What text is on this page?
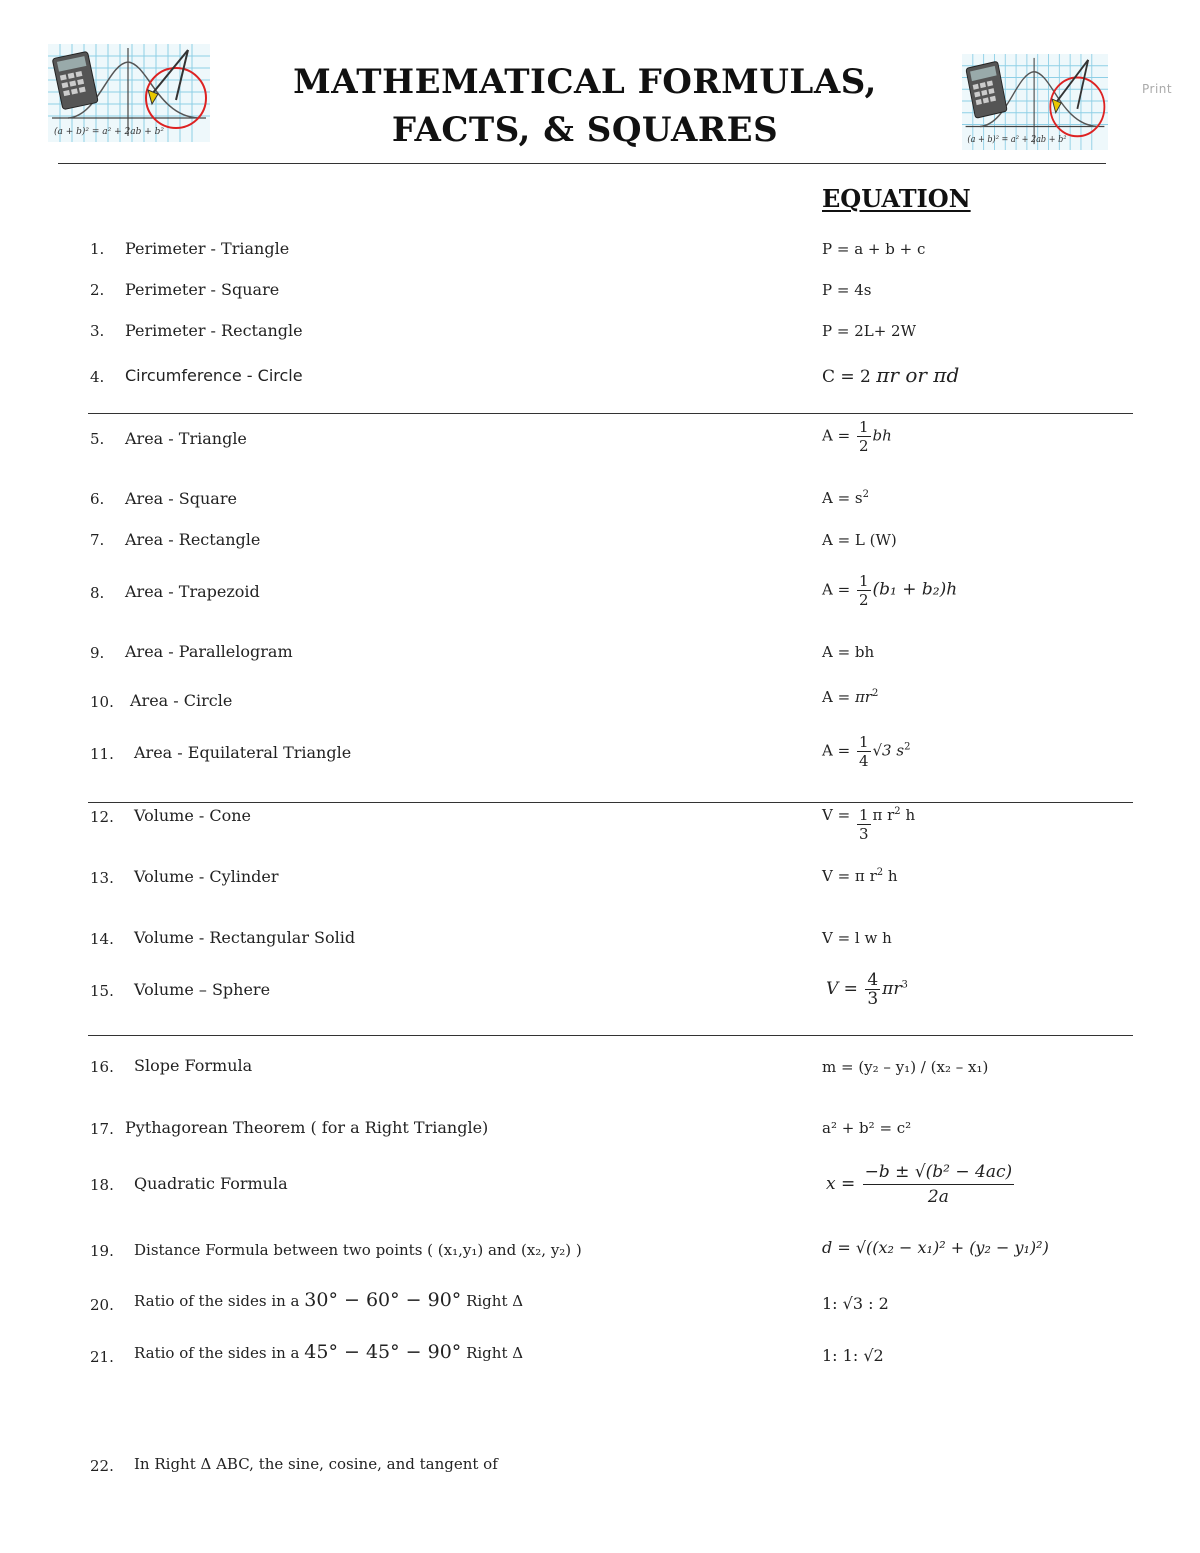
(a + b)² = a² + 2ab + b²
(a + b)² = a² + 2ab + b²
MATHEMATICAL FORMULAS,
FACTS, & SQUARES
Print
EQUATION
1. Perimeter - Triangle	P = a + b + c
2. Perimeter - Square	P = 4s
3. Perimeter - Rectangle	P = 2L+ 2W
4. Circumference - Circle	C = 2 πr or πd
5. Area - Triangle	$A = \frac{1}{2}$ bh
6. Area - Square	$A = s^2$
7. Area - Rectangle	A = L (W)
8. Area - Trapezoid	$A = \frac{1}{2} (b_1 + b_2)h$
9. Area - Parallelogram	A = bh
10. Area - Circle	$A = \pi r^2$
11. Area - Equilateral Triangle	$A = \frac{1}{4} √3$ $s^2$
12. Volume - Cone	$V = \frac{1}{3}$ π $r^2$ h
13. Volume - Cylinder	V = π $r^2$ h
14. Volume - Rectangular Solid	V = l w h
15. Volume – Sphere	$V = \frac{4}{3} \pi r^3$
16. Slope Formula	m = (y₂ – y₁) / (x₂ – x₁)
17. Pythagorean Theorem ( for a Right Triangle)	a² + b² = c²
18. Quadratic Formula	$x = \frac{\text{−b ± √(b² − 4ac)}}{2a}$
19. Distance Formula between two points ( (x₁,y₁) and (x₂, y₂) )	d = √((x₂ − x₁)² + (y₂ − y₁)²)
20. Ratio of the sides in a 30° − 60° − 90° Right Δ	1: √3 : 2
21. Ratio of the sides in a 45° − 45° − 90° Right Δ	1: 1: √2
22. In Right Δ ABC, the sine, cosine, and tangent of
